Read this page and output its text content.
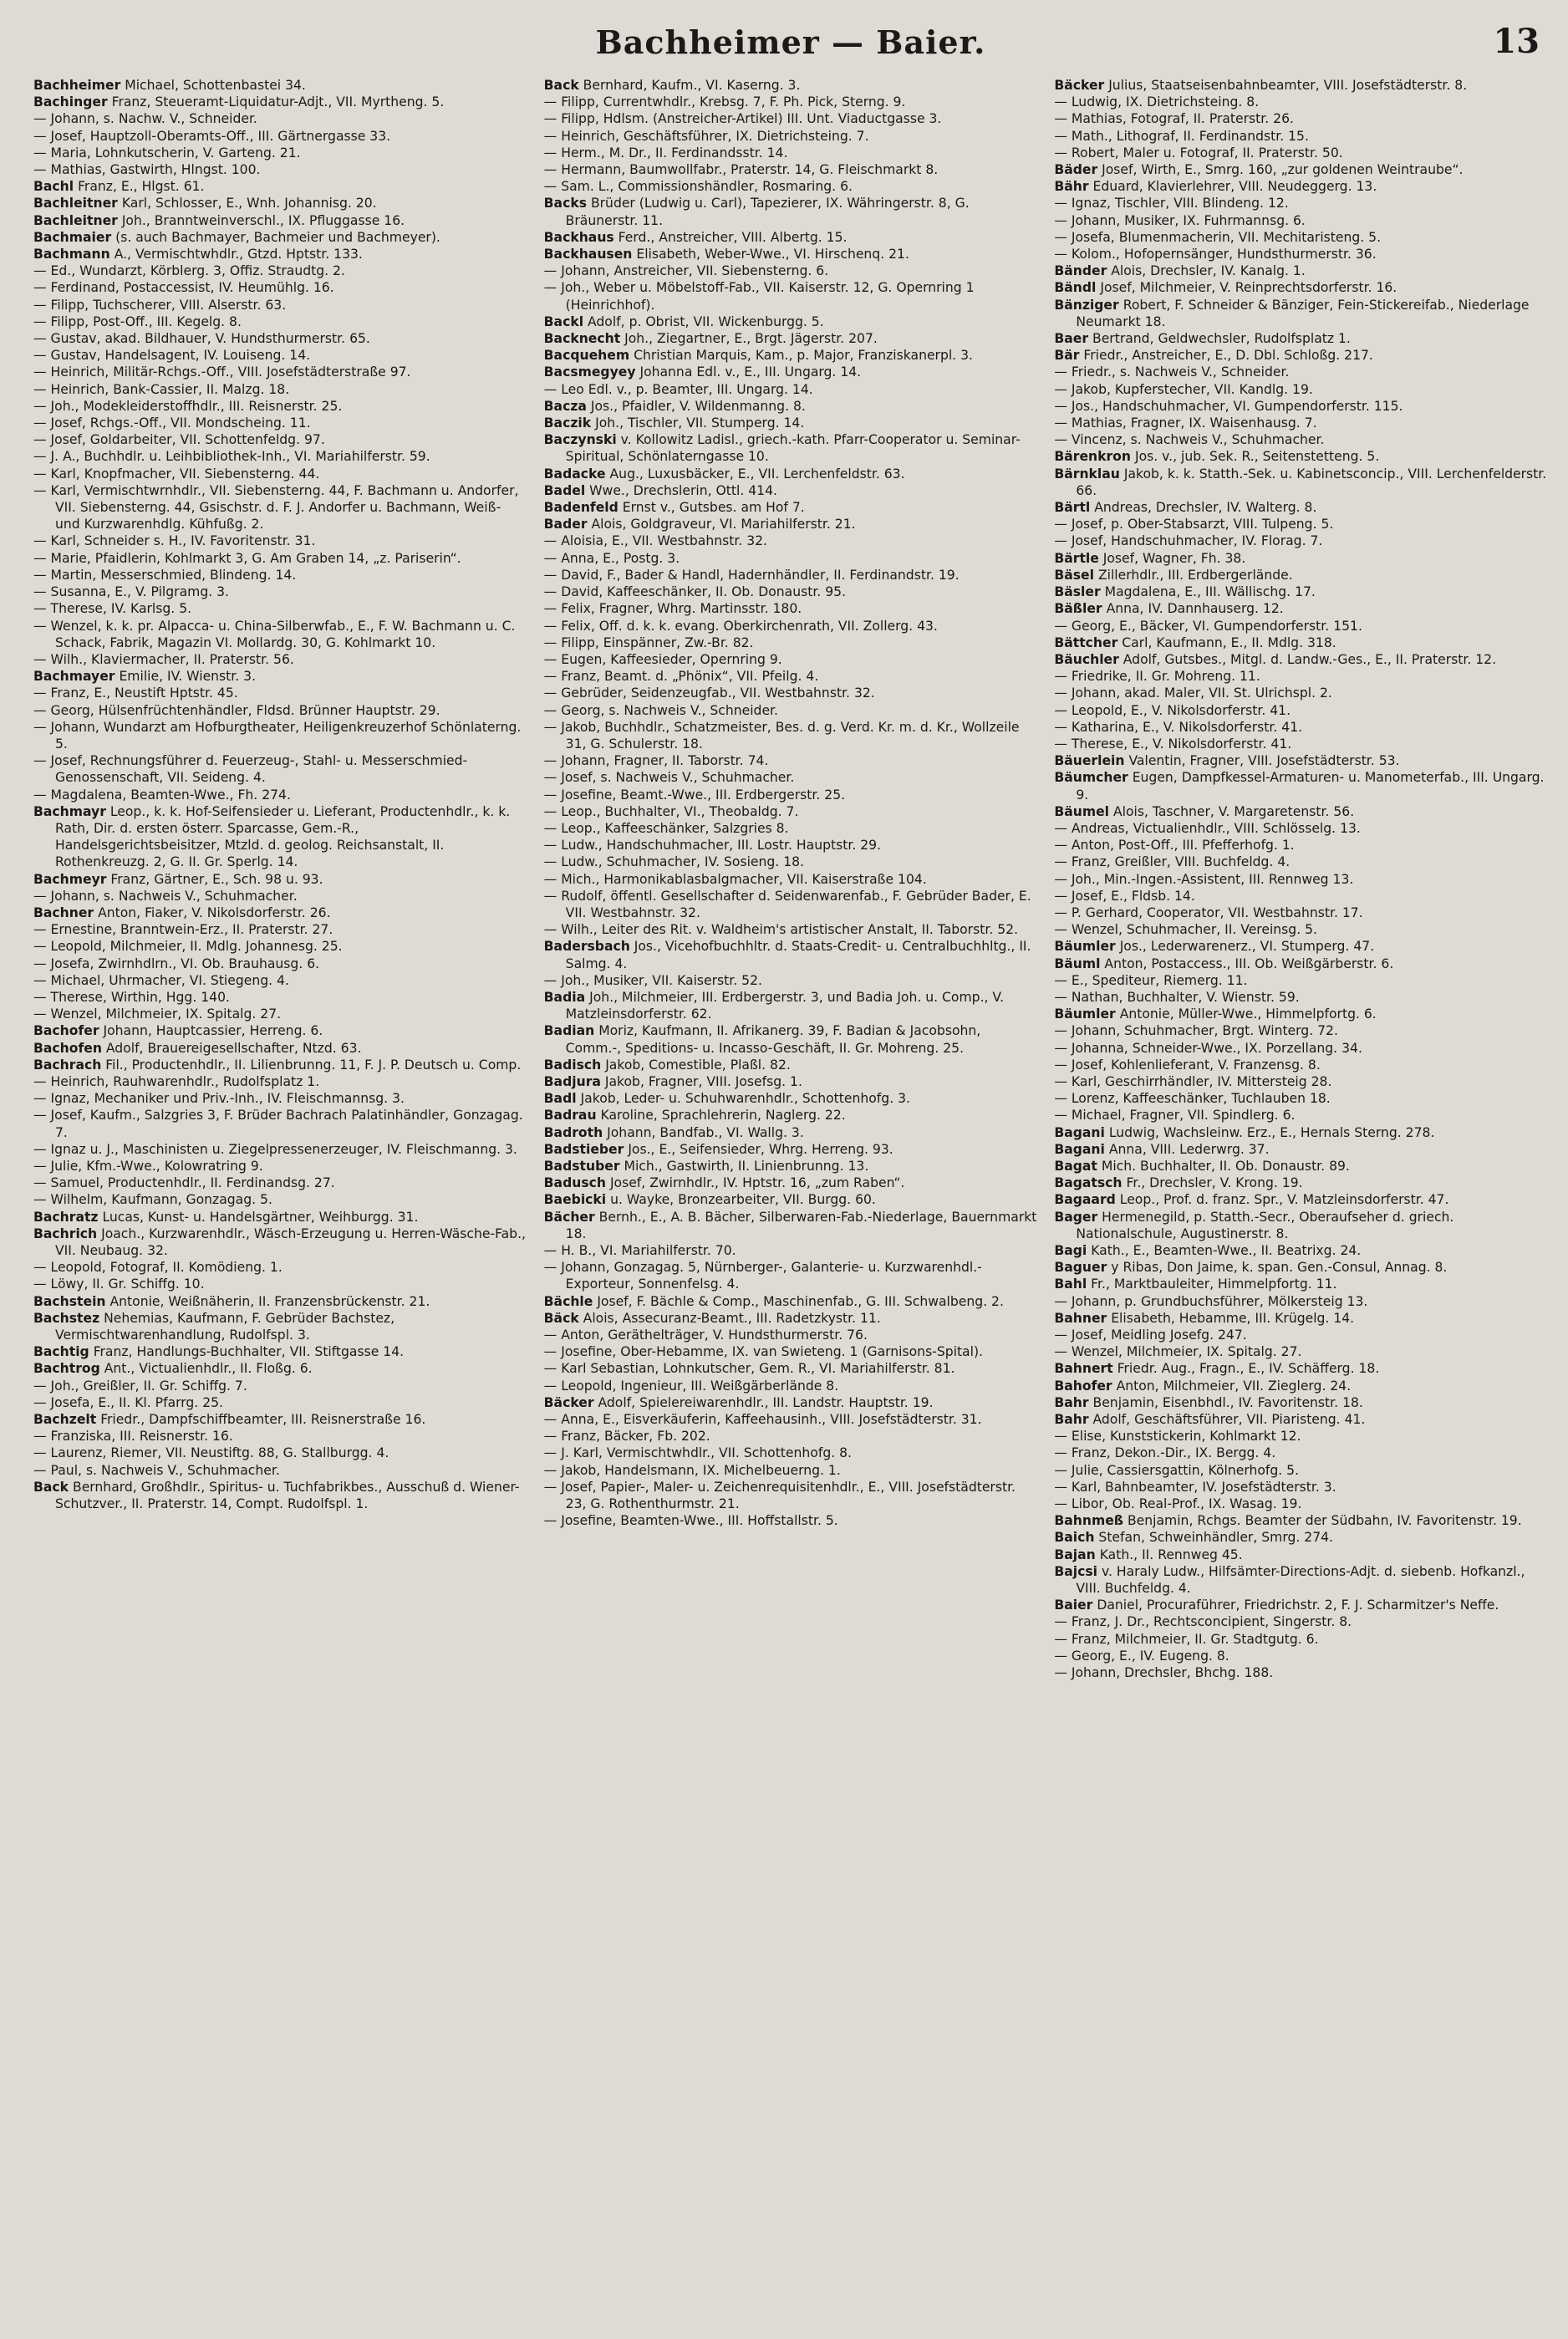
Bachheimer — Baier.	13

Bachheimer Michael, Schottenbastei 34.

Bachinger Franz, Steueramt-Liquidatur-Adjt., VII. Myrtheng. 5.

— Johann, s. Nachw. V., Schneider.

— Josef, Hauptzoll-Oberamts-Off., III. Gärtnergasse 33.

— Maria, Lohnkutscherin, V. Garteng. 21.

— Mathias, Gastwirth, Hlngst. 100.

Bachl Franz, E., Hlgst. 61.

Bachleitner Karl, Schlosser, E., Wnh. Johannisg. 20.

Bachleitner Joh., Branntweinverschl., IX. Pfluggasse 16.

Bachmaier (s. auch Bachmayer, Bachmeier und Bachmeyer).

Bachmann A., Vermischtwhdlr., Gtzd. Hptstr. 133.

— Ed., Wundarzt, Körblerg. 3, Offiz. Straudtg. 2.

— Ferdinand, Postaccessist, IV. Heumühlg. 16.

— Filipp, Tuchscherer, VIII. Alserstr. 63.

— Filipp, Post-Off., III. Kegelg. 8.

— Gustav, akad. Bildhauer, V. Hundsthurmerstr. 65.

— Gustav, Handelsagent, IV. Louiseng. 14.

— Heinrich, Militär-Rchgs.-Off., VIII. Josefstädterstraße 97.

— Heinrich, Bank-Cassier, II. Malzg. 18.

— Joh., Modekleiderstoffhdlr., III. Reisnerstr. 25.

— Josef, Rchgs.-Off., VII. Mondscheing. 11.

— Josef, Goldarbeiter, VII. Schottenfeldg. 97.

— J. A., Buchhdlr. u. Leihbibliothek-Inh., VI. Mariahilferstr. 59.

— Karl, Knopfmacher, VII. Siebensterng. 44.

— Karl, Vermischtwrnhdlr., VII. Siebensterng. 44, F. Bachmann u. Andorfer, VII. Siebensterng. 44, Gsischstr. d. F. J. Andorfer u. Bachmann, Weiß- und Kurzwarenhdlg. Kühfußg. 2.

— Karl, Schneider s. H., IV. Favoritenstr. 31.

— Marie, Pfaidlerin, Kohlmarkt 3, G. Am Graben 14, „z. Pariserin“.

— Martin, Messerschmied, Blindeng. 14.

— Susanna, E., V. Pilgramg. 3.

— Therese, IV. Karlsg. 5.

— Wenzel, k. k. pr. Alpacca- u. China-Silberwfab., E., F. W. Bachmann u. C. Schack, Fabrik, Magazin VI. Mollardg. 30, G. Kohlmarkt 10.

— Wilh., Klaviermacher, II. Praterstr. 56.

Bachmayer Emilie, IV. Wienstr. 3.

— Franz, E., Neustift Hptstr. 45.

— Georg, Hülsenfrüchtenhändler, Fldsd. Brünner Hauptstr. 29.

— Johann, Wundarzt am Hofburgtheater, Heiligenkreuzerhof Schönlaterng. 5.

— Josef, Rechnungsführer d. Feuerzeug-, Stahl- u. Messerschmied-Genossenschaft, VII. Seideng. 4.

— Magdalena, Beamten-Wwe., Fh. 274.

Bachmayr Leop., k. k. Hof-Seifensieder u. Lieferant, Productenhdlr., k. k. Rath, Dir. d. ersten österr. Sparcasse, Gem.-R., Handelsgerichtsbeisitzer, Mtzld. d. geolog. Reichsanstalt, II. Rothenkreuzg. 2, G. II. Gr. Sperlg. 14.

Bachmeyr Franz, Gärtner, E., Sch. 98 u. 93.

— Johann, s. Nachweis V., Schuhmacher.

Bachner Anton, Fiaker, V. Nikolsdorferstr. 26.

— Ernestine, Branntwein-Erz., II. Praterstr. 27.

— Leopold, Milchmeier, II. Mdlg. Johannesg. 25.

— Josefa, Zwirnhdlrn., VI. Ob. Brauhausg. 6.

— Michael, Uhrmacher, VI. Stiegeng. 4.

— Therese, Wirthin, Hgg. 140.

— Wenzel, Milchmeier, IX. Spitalg. 27.

Bachofer Johann, Hauptcassier, Herreng. 6.

Bachofen Adolf, Brauereigesellschafter, Ntzd. 63.

Bachrach Fil., Productenhdlr., II. Lilienbrunng. 11, F. J. P. Deutsch u. Comp.

— Heinrich, Rauhwarenhdlr., Rudolfsplatz 1.

— Ignaz, Mechaniker und Priv.-Inh., IV. Fleischmannsg. 3.

— Josef, Kaufm., Salzgries 3, F. Brüder Bachrach Palatinhändler, Gonzagag. 7.

— Ignaz u. J., Maschinisten u. Ziegelpressenerzeuger, IV. Fleischmanng. 3.

— Julie, Kfm.-Wwe., Kolowratring 9.

— Samuel, Productenhdlr., II. Ferdinandsg. 27.

— Wilhelm, Kaufmann, Gonzagag. 5.

Bachratz Lucas, Kunst- u. Handelsgärtner, Weihburgg. 31.

Bachrich Joach., Kurzwarenhdlr., Wäsch-Erzeugung u. Herren-Wäsche-Fab., VII. Neubaug. 32.

— Leopold, Fotograf, II. Komödieng. 1.

— Löwy, II. Gr. Schiffg. 10.

Bachstein Antonie, Weißnäherin, II. Franzensbrückenstr. 21.

Bachstez Nehemias, Kaufmann, F. Gebrüder Bachstez, Vermischtwarenhandlung, Rudolfspl. 3.

Bachtig Franz, Handlungs-Buchhalter, VII. Stiftgasse 14.

Bachtrog Ant., Victualienhdlr., II. Floßg. 6.

— Joh., Greißler, II. Gr. Schiffg. 7.

— Josefa, E., II. Kl. Pfarrg. 25.

Bachzelt Friedr., Dampfschiffbeamter, III. Reisnerstraße 16.

— Franziska, III. Reisnerstr. 16.

— Laurenz, Riemer, VII. Neustiftg. 88, G. Stallburgg. 4.

— Paul, s. Nachweis V., Schuhmacher.

Back Bernhard, Großhdlr., Spiritus- u. Tuchfabrikbes., Ausschuß d. Wiener-Schutzver., II. Praterstr. 14, Compt. Rudolfspl. 1.

Back Bernhard, Kaufm., VI. Kaserng. 3.

— Filipp, Currentwhdlr., Krebsg. 7, F. Ph. Pick, Sterng. 9.

— Filipp, Hdlsm. (Anstreicher-Artikel) III. Unt. Viaductgasse 3.

— Heinrich, Geschäftsführer, IX. Dietrichsteing. 7.

— Herm., M. Dr., II. Ferdinandsstr. 14.

— Hermann, Baumwollfabr., Praterstr. 14, G. Fleischmarkt 8.

— Sam. L., Commissionshändler, Rosmaring. 6.

Backs Brüder (Ludwig u. Carl), Tapezierer, IX. Währingerstr. 8, G. Bräunerstr. 11.

Backhaus Ferd., Anstreicher, VIII. Albertg. 15.

Backhausen Elisabeth, Weber-Wwe., VI. Hirschenq. 21.

— Johann, Anstreicher, VII. Siebensterng. 6.

— Joh., Weber u. Möbelstoff-Fab., VII. Kaiserstr. 12, G. Opernring 1 (Heinrichhof).

Backl Adolf, p. Obrist, VII. Wickenburgg. 5.

Backnecht Joh., Ziegartner, E., Brgt. Jägerstr. 207.

Bacquehem Christian Marquis, Kam., p. Major, Franziskanerpl. 3.

Bacsmegyey Johanna Edl. v., E., III. Ungarg. 14.

— Leo Edl. v., p. Beamter, III. Ungarg. 14.

Bacza Jos., Pfaidler, V. Wildenmanng. 8.

Baczik Joh., Tischler, VII. Stumperg. 14.

Baczynski v. Kollowitz Ladisl., griech.-kath. Pfarr-Cooperator u. Seminar-Spiritual, Schönlaterngasse 10.

Badacke Aug., Luxusbäcker, E., VII. Lerchenfeldstr. 63.

Badel Wwe., Drechslerin, Ottl. 414.

Badenfeld Ernst v., Gutsbes. am Hof 7.

Bader Alois, Goldgraveur, VI. Mariahilferstr. 21.

— Aloisia, E., VII. Westbahnstr. 32.

— Anna, E., Postg. 3.

— David, F., Bader & Handl, Hadernhändler, II. Ferdinandstr. 19.

— David, Kaffeeschänker, II. Ob. Donaustr. 95.

— Felix, Fragner, Whrg. Martinsstr. 180.

— Felix, Off. d. k. k. evang. Oberkirchenrath, VII. Zollerg. 43.

— Filipp, Einspänner, Zw.-Br. 82.

— Eugen, Kaffeesieder, Opernring 9.

— Franz, Beamt. d. „Phönix“, VII. Pfeilg. 4.

— Gebrüder, Seidenzeugfab., VII. Westbahnstr. 32.

— Georg, s. Nachweis V., Schneider.

— Jakob, Buchhdlr., Schatzmeister, Bes. d. g. Verd. Kr. m. d. Kr., Wollzeile 31, G. Schulerstr. 18.

— Johann, Fragner, II. Taborstr. 74.

— Josef, s. Nachweis V., Schuhmacher.

— Josefine, Beamt.-Wwe., III. Erdbergerstr. 25.

— Leop., Buchhalter, VI., Theobaldg. 7.

— Leop., Kaffeeschänker, Salzgries 8.

— Ludw., Handschuhmacher, III. Lostr. Hauptstr. 29.

— Ludw., Schuhmacher, IV. Sosieng. 18.

— Mich., Harmonikablasbalgmacher, VII. Kaiserstraße 104.

— Rudolf, öffentl. Gesellschafter d. Seidenwarenfab., F. Gebrüder Bader, E. VII. Westbahnstr. 32.

— Wilh., Leiter des Rit. v. Waldheim's artistischer Anstalt, II. Taborstr. 52.

Badersbach Jos., Vicehofbuchhltr. d. Staats-Credit- u. Centralbuchhltg., II. Salmg. 4.

— Joh., Musiker, VII. Kaiserstr. 52.

Badia Joh., Milchmeier, III. Erdbergerstr. 3, und Badia Joh. u. Comp., V. Matzleinsdorferstr. 62.

Badian Moriz, Kaufmann, II. Afrikanerg. 39, F. Badian & Jacobsohn, Comm.-, Speditions- u. Incasso-Geschäft, II. Gr. Mohreng. 25.

Badisch Jakob, Comestible, Plaßl. 82.

Badjura Jakob, Fragner, VIII. Josefsg. 1.

Badl Jakob, Leder- u. Schuhwarenhdlr., Schottenhofg. 3.

Badrau Karoline, Sprachlehrerin, Naglerg. 22.

Badroth Johann, Bandfab., VI. Wallg. 3.

Badstieber Jos., E., Seifensieder, Whrg. Herreng. 93.

Badstuber Mich., Gastwirth, II. Linienbrunng. 13.

Badusch Josef, Zwirnhdlr., IV. Hptstr. 16, „zum Raben“.

Baebicki u. Wayke, Bronzearbeiter, VII. Burgg. 60.

Bächer Bernh., E., A. B. Bächer, Silberwaren-Fab.-Niederlage, Bauernmarkt 18.

— H. B., VI. Mariahilferstr. 70.

— Johann, Gonzagag. 5, Nürnberger-, Galanterie- u. Kurzwarenhdl.-Exporteur, Sonnenfelsg. 4.

Bächle Josef, F. Bächle & Comp., Maschinenfab., G. III. Schwalbeng. 2.

Bäck Alois, Assecuranz-Beamt., III. Radetzkystr. 11.

— Anton, Geräthelträger, V. Hundsthurmerstr. 76.

— Josefine, Ober-Hebamme, IX. van Swieteng. 1 (Garnisons-Spital).

— Karl Sebastian, Lohnkutscher, Gem. R., VI. Mariahilferstr. 81.

— Leopold, Ingenieur, III. Weißgärberlände 8.

Bäcker Adolf, Spielereiwarenhdlr., III. Landstr. Hauptstr. 19.

— Anna, E., Eisverkäuferin, Kaffeehausinh., VIII. Josefstädterstr. 31.

— Franz, Bäcker, Fb. 202.

— J. Karl, Vermischtwhdlr., VII. Schottenhofg. 8.

— Jakob, Handelsmann, IX. Michelbeuerng. 1.

— Josef, Papier-, Maler- u. Zeichenrequisitenhdlr., E., VIII. Josefstädterstr. 23, G. Rothenthurmstr. 21.

— Josefine, Beamten-Wwe., III. Hoffstallstr. 5.

Bäcker Julius, Staatseisenbahnbeamter, VIII. Josefstädterstr. 8.

— Ludwig, IX. Dietrichsteing. 8.

— Mathias, Fotograf, II. Praterstr. 26.

— Math., Lithograf, II. Ferdinandstr. 15.

— Robert, Maler u. Fotograf, II. Praterstr. 50.

Bäder Josef, Wirth, E., Smrg. 160, „zur goldenen Weintraube“.

Bähr Eduard, Klavierlehrer, VIII. Neudeggerg. 13.

— Ignaz, Tischler, VIII. Blindeng. 12.

— Johann, Musiker, IX. Fuhrmannsg. 6.

— Josefa, Blumenmacherin, VII. Mechitaristeng. 5.

— Kolom., Hofopernsänger, Hundsthurmerstr. 36.

Bänder Alois, Drechsler, IV. Kanalg. 1.

Bändl Josef, Milchmeier, V. Reinprechtsdorferstr. 16.

Bänziger Robert, F. Schneider & Bänziger, Fein-Stickereifab., Niederlage Neumarkt 18.

Baer Bertrand, Geldwechsler, Rudolfsplatz 1.

Bär Friedr., Anstreicher, E., D. Dbl. Schloßg. 217.

— Friedr., s. Nachweis V., Schneider.

— Jakob, Kupferstecher, VII. Kandlg. 19.

— Jos., Handschuhmacher, VI. Gumpendorferstr. 115.

— Mathias, Fragner, IX. Waisenhausg. 7.

— Vincenz, s. Nachweis V., Schuhmacher.

Bärenkron Jos. v., jub. Sek. R., Seitenstetteng. 5.

Bärnklau Jakob, k. k. Statth.-Sek. u. Kabinetsconcip., VIII. Lerchenfelderstr. 66.

Bärtl Andreas, Drechsler, IV. Walterg. 8.

— Josef, p. Ober-Stabsarzt, VIII. Tulpeng. 5.

— Josef, Handschuhmacher, IV. Florag. 7.

Bärtle Josef, Wagner, Fh. 38.

Bäsel Zillerhdlr., III. Erdbergerlände.

Bäsler Magdalena, E., III. Wällischg. 17.

Bäßler Anna, IV. Dannhauserg. 12.

— Georg, E., Bäcker, VI. Gumpendorferstr. 151.

Bättcher Carl, Kaufmann, E., II. Mdlg. 318.

Bäuchler Adolf, Gutsbes., Mitgl. d. Landw.-Ges., E., II. Praterstr. 12.

— Friedrike, II. Gr. Mohreng. 11.

— Johann, akad. Maler, VII. St. Ulrichspl. 2.

— Leopold, E., V. Nikolsdorferstr. 41.

— Katharina, E., V. Nikolsdorferstr. 41.

— Therese, E., V. Nikolsdorferstr. 41.

Bäuerlein Valentin, Fragner, VIII. Josefstädterstr. 53.

Bäumcher Eugen, Dampfkessel-Armaturen- u. Manometerfab., III. Ungarg. 9.

Bäumel Alois, Taschner, V. Margaretenstr. 56.

— Andreas, Victualienhdlr., VIII. Schlösselg. 13.

— Anton, Post-Off., III. Pfefferhofg. 1.

— Franz, Greißler, VIII. Buchfeldg. 4.

— Joh., Min.-Ingen.-Assistent, III. Rennweg 13.

— Josef, E., Fldsb. 14.

— P. Gerhard, Cooperator, VII. Westbahnstr. 17.

— Wenzel, Schuhmacher, II. Vereinsg. 5.

Bäumler Jos., Lederwarenerz., VI. Stumperg. 47.

Bäuml Anton, Postaccess., III. Ob. Weißgärberstr. 6.

— E., Spediteur, Riemerg. 11.

— Nathan, Buchhalter, V. Wienstr. 59.

Bäumler Antonie, Müller-Wwe., Himmelpfortg. 6.

— Johann, Schuhmacher, Brgt. Winterg. 72.

— Johanna, Schneider-Wwe., IX. Porzellang. 34.

— Josef, Kohlenlieferant, V. Franzensg. 8.

— Karl, Geschirrhändler, IV. Mittersteig 28.

— Lorenz, Kaffeeschänker, Tuchlauben 18.

— Michael, Fragner, VII. Spindlerg. 6.

Bagani Ludwig, Wachsleinw. Erz., E., Hernals Sterng. 278.

Bagani Anna, VIII. Lederwrg. 37.

Bagat Mich. Buchhalter, II. Ob. Donaustr. 89.

Bagatsch Fr., Drechsler, V. Krong. 19.

Bagaard Leop., Prof. d. franz. Spr., V. Matzleinsdorferstr. 47.

Bager Hermenegild, p. Statth.-Secr., Oberaufseher d. griech. Nationalschule, Augustinerstr. 8.

Bagi Kath., E., Beamten-Wwe., II. Beatrixg. 24.

Baguer y Ribas, Don Jaime, k. span. Gen.-Consul, Annag. 8.

Bahl Fr., Marktbauleiter, Himmelpfortg. 11.

— Johann, p. Grundbuchsführer, Mölkersteig 13.

Bahner Elisabeth, Hebamme, III. Krügelg. 14.

— Josef, Meidling Josefg. 247.

— Wenzel, Milchmeier, IX. Spitalg. 27.

Bahnert Friedr. Aug., Fragn., E., IV. Schäfferg. 18.

Bahofer Anton, Milchmeier, VII. Zieglerg. 24.

Bahr Benjamin, Eisenbhdl., IV. Favoritenstr. 18.

Bahr Adolf, Geschäftsführer, VII. Piaristeng. 41.

— Elise, Kunststickerin, Kohlmarkt 12.

— Franz, Dekon.-Dir., IX. Bergg. 4.

— Julie, Cassiersgattin, Kölnerhofg. 5.

— Karl, Bahnbeamter, IV. Josefstädterstr. 3.

— Libor, Ob. Real-Prof., IX. Wasag. 19.

Bahnmeß Benjamin, Rchgs. Beamter der Südbahn, IV. Favoritenstr. 19.

Baich Stefan, Schweinhändler, Smrg. 274.

Bajan Kath., II. Rennweg 45.

Bajcsi v. Haraly Ludw., Hilfsämter-Directions-Adjt. d. siebenb. Hofkanzl., VIII. Buchfeldg. 4.

Baier Daniel, Procuraführer, Friedrichstr. 2, F. J. Scharmitzer's Neffe.

— Franz, J. Dr., Rechtsconcipient, Singerstr. 8.

— Franz, Milchmeier, II. Gr. Stadtgutg. 6.

— Georg, E., IV. Eugeng. 8.

— Johann, Drechsler, Bhchg. 188.
